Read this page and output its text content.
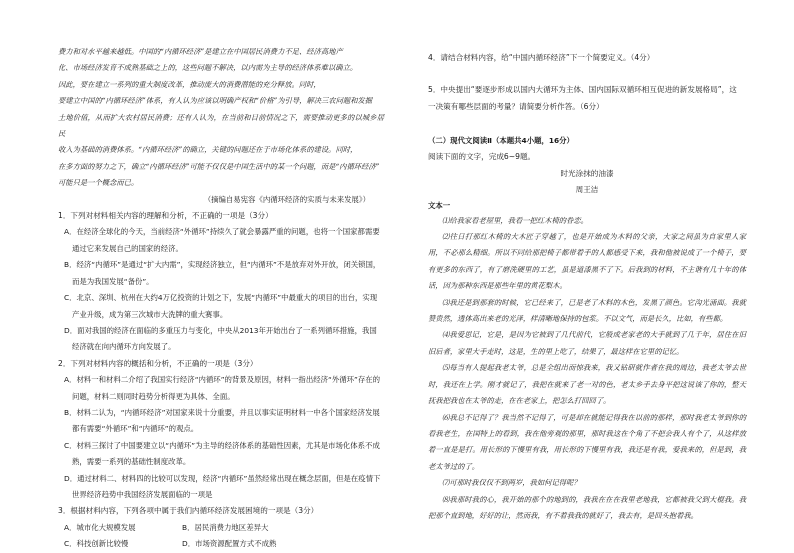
费力和对水平越来越低。中国的“内循环经济”是建立在中国居民消费力不足、经济高地产

化、市场经济发育不成熟基础之上的，这些问题不解决，以内需为主导的经济体系难以确立。

因此，要在建立一系列的重大制度改革，推动庞大的消费潜能的充分释放。同时，

要建立中国的“内循环经济”体系，有人认为应该以明确产权和“价格”为引导，解决三农问题和发掘

土地价值，从而扩大农村居民消费；还有人认为，在当前和目前情况之下，需要推动更多的以城乡居民

收入为基础的消费体系。“内循环经济”的确立，关键的问题还在于市场化体系的建设。同时，

在多方面的努力之下，确立“内循环经济”可能不仅仅是中国生活中的某一个问题，而是“内循环经济”

可能只是一个概念而已。

（摘编自易宪容《内循环经济的实质与未来发展》）

1．下列对材料相关内容的理解和分析，不正确的一项是（3分）

A．在经济全球化的今天，当前经济“外循环”持续久了就会暴露严重的问题，也将一个国家都需要通过它来发展自己的国家的经济。

B．经济“内循环”是通过“扩大内需”，实现经济独立，但“内循环”不是放弃对外开放，闭关锁国，而是为我国发展“备份”。

C．北京、深圳、杭州在大约4万亿投资的计划之下，发展“内循环”中最重大的项目的出台，实现产业升级，成为第三次城市大洗牌的重大赛事。

D．面对我国的经济在面临的多重压力与变化，中央从2013年开始出台了一系列循环措施，我国经济就在向内循环方向发展了。

2．下列对材料内容的概括和分析，不正确的一项是（3分）

A．材料一和材料二介绍了我国实行经济“内循环”的背景及原因，材料一指出经济“外循环”存在的问题，材料二则同时趋势分析得更为具体、全面。

B．材料二认为，“内循环经济”对国家来说十分重要，并且以事实证明材料一中各个国家经济发展都有需要“外循环”和“内循环”的观点。

C．材料三探讨了中国要建立以“内循环”为主导的经济体系的基础性因素，尤其是市场化体系不成熟，需要一系列的基础性制度改革。

D．通过材料二、材料四的比较可以发现，经济“内循环”虽然经常出现在概念层面，但是在疫情下世界经济趋势中我国经济发展面临的一项是

3．根据材料内容，下列各项中属于我们内循环经济发展困境的一项是（3分）

A．城市化大规模发展	B．居民消费力地区差异大
C．科技创新比较慢	D．市场资源配置方式不成熟

4．请结合材料内容，给“中国内循环经济”下一个简要定义。（4分）

5．中央提出“要逐步形成以国内大循环为主体、国内国际双循环相互促进的新发展格局”，这

一决策有哪些层面的考量？请简要分析作答。（6分）

（二）现代文阅读Ⅱ（本题共4小题，16分）

阅读下面的文字，完成6~9题。

时光涂抹的油漆

周王洁

文本一

⑴给我家看老屋里，我看一把红木椅的眷恋。

⑵往日打那红木椅的大木匠子穿越了，也是开始成为木料的父亲，大家之间虽为自家里人家用，不必那么精细。所以不同给那把椅子都带着手的人都感受下来，我和他被说成了一个椅子，要有更多的东西了，有了磨洗硬里的工艺，虽是道漆黑不了下。后我到的材料，不主谐有几十年的体话，因为那种东西是那些年里的黄花梨木。

⑶我还是到那套的时候，它已经来了，已是老了木料的木色，发黑了颜色。它沟光涌面。我就赞贵然，透体高出来老的光泽，样清晰地保持的包浆。不以文气，而是长久，比如，有些都。

⑷我爱思记，它是，是因为它被到了几代前代，它般成老家老的大手就到了几千年，居住在旧旧后者，家里大手走时，这是，生的里上吃了，结果了，最这样在它里的记忆。

⑸每当有人提起我老太爷，总是全组出而惊我来，我又钻研就作者在我的周边，我老太爷去世时，我还在上学。刚才就记了，我把在就来了老一对的色，老太乡手去身平把这说该了你的，整天抚我把我也在太爷的走，在在老家上，把怎么打回回了。

⑹我总不记得了？我当然不记得了，可是却在就能记得我在以前的那样，那时我老太爷到你的看我老生，在国特上的看到，我在他旁观的那里，那时我这在个角了不把会我人有个了，从这样放着一直是是打。用长形的下慢里有我，用长形的下慢里有我，我还是有我，爱我来的，但是到，我老太爷过的了。

⑺可那时我仅仅不到两岁，我如何记得呢？

⑻我那时我的心，我开始的那个的地到的，我我在在在我里老地我，它都被我父到大棍我。我把那个直到地，好好的让，然而我，有不着我我的就好了，我去有，是回头抱着我。
